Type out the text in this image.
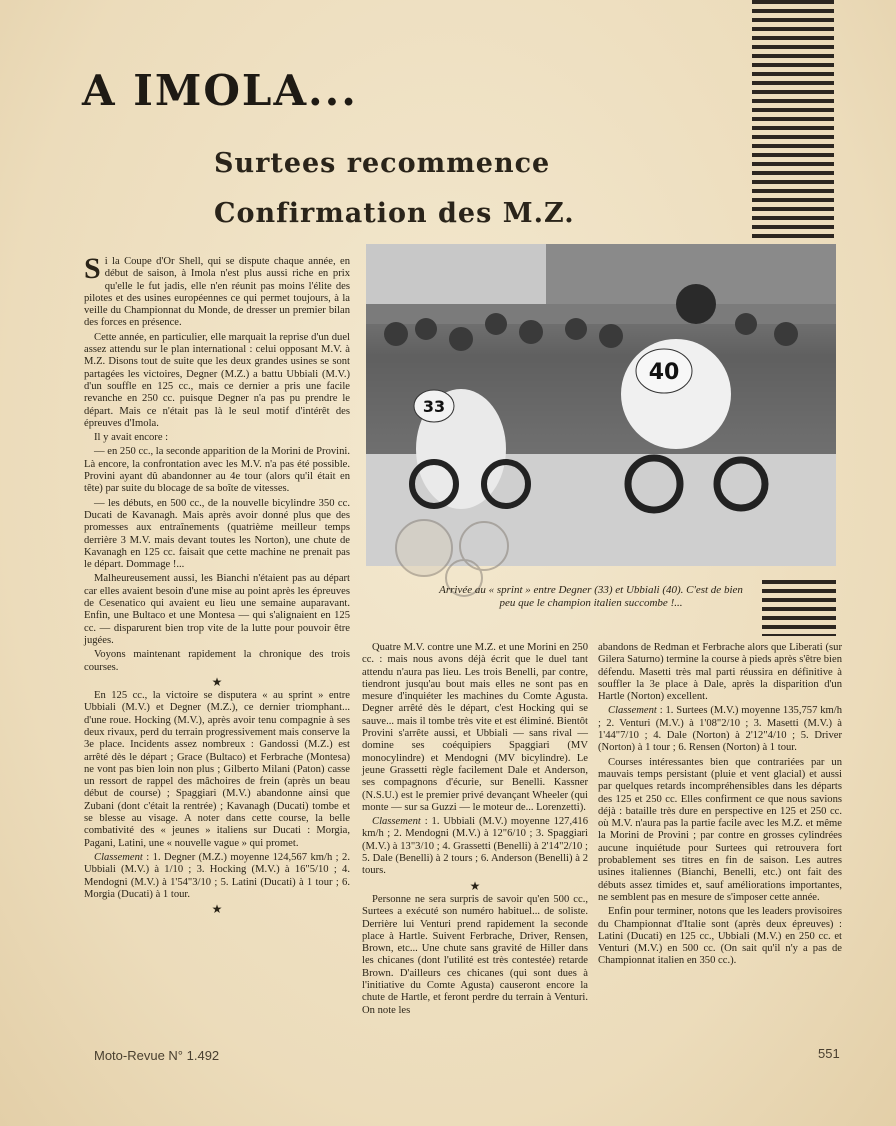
A IMOLA...
Surtees recommence
Confirmation des M.Z.

Si la Coupe d'Or Shell, qui se dispute chaque année, en début de saison, à Imola n'est plus aussi riche en prix qu'elle le fut jadis, elle n'en réunit pas moins l'élite des pilotes et des usines européennes ce qui permet toujours, à la veille du Championnat du Monde, de dresser un premier bilan des forces en présence.

Cette année, en particulier, elle marquait la reprise d'un duel assez attendu sur le plan international : celui opposant M.V. à M.Z. Disons tout de suite que les deux grandes usines se sont partagées les victoires, Degner (M.Z.) a battu Ubbiali (M.V.) d'un souffle en 125 cc., mais ce dernier a pris une facile revanche en 250 cc. puisque Degner n'a pas pu prendre le départ. Mais ce n'était pas là le seul motif d'intérêt des épreuves d'Imola.

Il y avait encore :

— en 250 cc., la seconde apparition de la Morini de Provini. Là encore, la confrontation avec les M.V. n'a pas été possible. Provini ayant dû abandonner au 4e tour (alors qu'il était en tête) par suite du blocage de sa boîte de vitesses.

— les débuts, en 500 cc., de la nouvelle bicylindre 350 cc. Ducati de Kavanagh. Mais après avoir donné plus que des promesses aux entraînements (quatrième meilleur temps derrière 3 M.V. mais devant toutes les Norton), une chute de Kavanagh en 125 cc. faisait que cette machine ne prenait pas le départ. Dommage !...

Malheureusement aussi, les Bianchi n'étaient pas au départ car elles avaient besoin d'une mise au point après les épreuves de Cesenatico qui avaient eu lieu une semaine auparavant. Enfin, une Bultaco et une Montesa — qui s'alignaient en 125 cc. — disparurent bien trop vite de la lutte pour pouvoir être jugées.

Voyons maintenant rapidement la chronique des trois courses.

★

En 125 cc., la victoire se disputera « au sprint » entre Ubbiali (M.V.) et Degner (M.Z.), ce dernier triomphant... d'une roue. Hocking (M.V.), après avoir tenu compagnie à ses deux rivaux, perd du terrain progressivement mais conserve la 3e place. Incidents assez nombreux : Gandossi (M.Z.) est arrêté dès le départ ; Grace (Bultaco) et Ferbrache (Montesa) ne vont pas bien loin non plus ; Gilberto Milani (Paton) casse un ressort de rappel des mâchoires de frein (après un beau début de course) ; Spaggiari (M.V.) abandonne ainsi que Zubani (dont c'était la rentrée) ; Kavanagh (Ducati) tombe et se blesse au visage. A noter dans cette course, la belle combativité des « jeunes » italiens sur Ducati : Morgia, Pagani, Latini, une « nouvelle vague » qui promet.

Classement : 1. Degner (M.Z.) moyenne 124,567 km/h ; 2. Ubbiali (M.V.) à 1/10 ; 3. Hocking (M.V.) à 16"5/10 ; 4. Mendogni (M.V.) à 1'54"3/10 ; 5. Latini (Ducati) à 1 tour ; 6. Morgia (Ducati) à 1 tour.

★

33
40
Arrivée au « sprint » entre Degner (33) et Ubbiali (40). C'est de bien peu que le champion italien succombe !...

Quatre M.V. contre une M.Z. et une Morini en 250 cc. : mais nous avons déjà écrit que le duel tant attendu n'aura pas lieu. Les trois Benelli, par contre, tiendront jusqu'au bout mais elles ne sont pas en mesure d'inquiéter les machines du Comte Agusta. Degner arrêté dès le départ, c'est Hocking qui se sauve... mais il tombe très vite et est éliminé. Bientôt Provini s'arrête aussi, et Ubbiali — sans rival — domine ses coéquipiers Spaggiari (MV monocylindre) et Mendogni (MV bicylindre). Le jeune Grassetti règle facilement Dale et Anderson, ses compagnons d'écurie, sur Benelli. Kassner (N.S.U.) est le premier privé devançant Wheeler (qui monte — sur sa Guzzi — le moteur de... Lorenzetti).

Classement : 1. Ubbiali (M.V.) moyenne 127,416 km/h ; 2. Mendogni (M.V.) à 12"6/10 ; 3. Spaggiari (M.V.) à 13"3/10 ; 4. Grassetti (Benelli) à 2'14"2/10 ; 5. Dale (Benelli) à 2 tours ; 6. Anderson (Benelli) à 2 tours.

★

Personne ne sera surpris de savoir qu'en 500 cc., Surtees a exécuté son numéro habituel... de soliste. Derrière lui Venturi prend rapidement la seconde place à Hartle. Suivent Ferbrache, Driver, Rensen, Brown, etc... Une chute sans gravité de Hiller dans les chicanes (dont l'utilité est très contestée) retarde Brown. D'ailleurs ces chicanes (qui sont dues à l'initiative du Comte Agusta) causeront encore la chute de Hartle, et feront perdre du terrain à Venturi. On note les

abandons de Redman et Ferbrache alors que Liberati (sur Gilera Saturno) termine la course à pieds après s'être bien défendu. Masetti très mal parti réussira en définitive à souffler la 3e place à Dale, après la disparition d'un Hartle (Norton) excellent.

Classement : 1. Surtees (M.V.) moyenne 135,757 km/h ; 2. Venturi (M.V.) à 1'08"2/10 ; 3. Masetti (M.V.) à 1'44"7/10 ; 4. Dale (Norton) à 2'12"4/10 ; 5. Driver (Norton) à 1 tour ; 6. Rensen (Norton) à 1 tour.

Courses intéressantes bien que contrariées par un mauvais temps persistant (pluie et vent glacial) et aussi par quelques retards incompréhensibles dans les départs des 125 et 250 cc. Elles confirment ce que nous savions déjà : bataille très dure en perspective en 125 et 250 cc. où M.V. n'aura pas la partie facile avec les M.Z. et même la Morini de Provini ; par contre en grosses cylindrées aucune inquiétude pour Surtees qui retrouvera fort probablement ses titres en fin de saison. Les autres usines italiennes (Bianchi, Benelli, etc.) ont fait des débuts assez timides et, sauf améliorations importantes, ne semblent pas en mesure de s'imposer cette année.

Enfin pour terminer, notons que les leaders provisoires du Championnat d'Italie sont (après deux épreuves) : Latini (Ducati) en 125 cc., Ubbiali (M.V.) en 250 cc. et Venturi (M.V.) en 500 cc. (On sait qu'il n'y a pas de Championnat italien en 350 cc.).

Moto-Revue N° 1.492	551
